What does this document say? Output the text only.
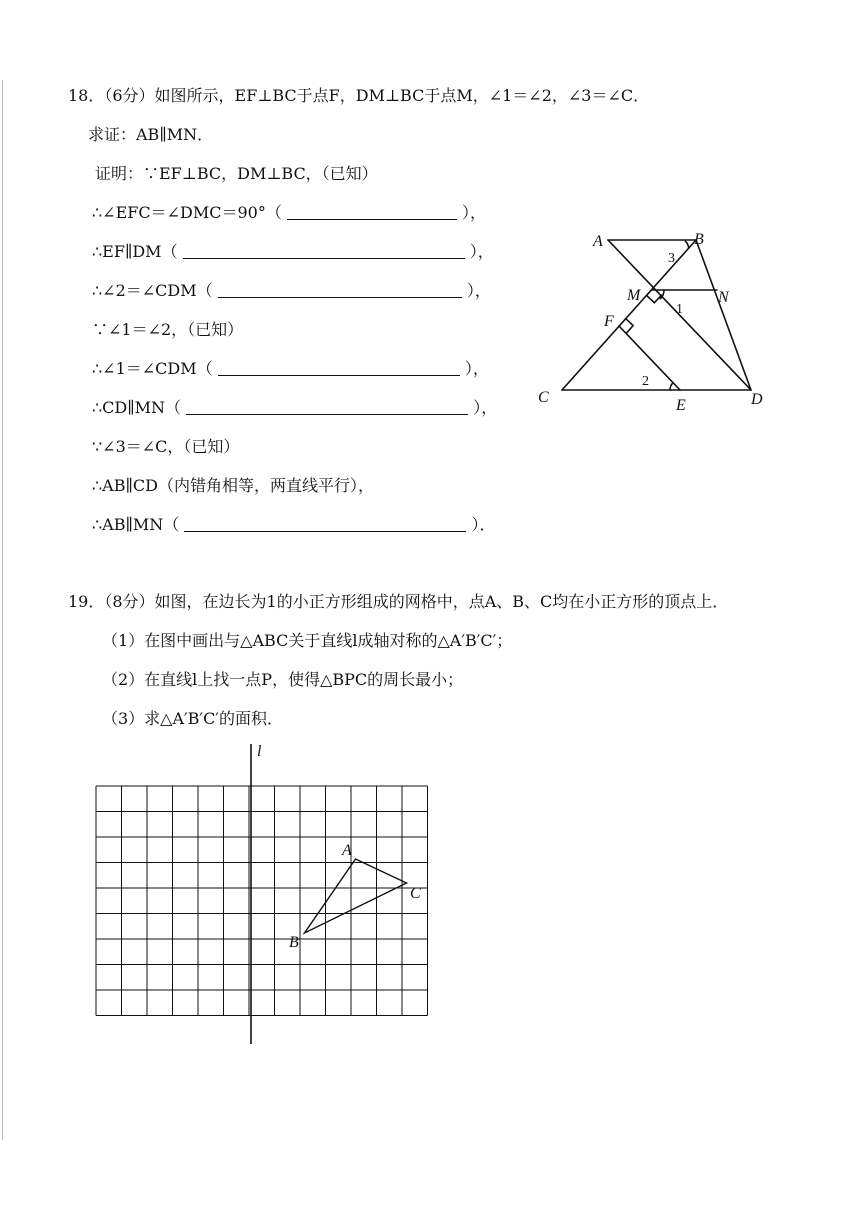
18．（6分）如图所示，EF⊥BC于点F，DM⊥BC于点M，∠1＝∠2，∠3＝∠C．
求证：AB∥MN．
证明：∵EF⊥BC，DM⊥BC，（已知）
∴∠EFC＝∠DMC＝90°（	），
∴EF∥DM（	），
∴∠2＝∠CDM（	），
∵∠1＝∠2，（已知）
∴∠1＝∠CDM（	），
∴CD∥MN（	），
∵∠3＝∠C，（已知）
∴AB∥CD（内错角相等，两直线平行），
∴AB∥MN（	）．
A	B
C	D
E
F
M	N
3
1
2
19．（8分）如图，在边长为1的小正方形组成的网格中，点A、B、C均在小正方形的顶点上．
（1）在图中画出与△ABC关于直线l成轴对称的△A′B′C′；
（2）在直线l上找一点P，使得△BPC的周长最小；
（3）求△A′B′C′的面积．
l
A
C
B
